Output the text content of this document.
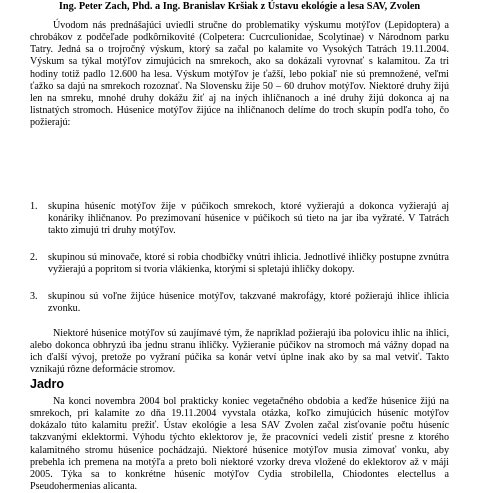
Ing. Peter Zach, Phd. a Ing. Branislav Kršiak z Ústavu ekológie a lesa SAV, Zvolen

Úvodom nás prednášajúci uviedli stručne do problematiky výskumu motýľov (Lepidoptera) a chrobákov z podčeľade podkôrnikovité (Colpetera: Cucrculionidae, Scolytinae) v Národnom parku Tatry. Jedná sa o trojročný výskum, ktorý sa začal po kalamite vo Vysokých Tatrách 19.11.2004. Výskum sa týkal motýľov zimujúcich na smrekoch, ako sa dokázali vyrovnať s kalamitou. Za tri hodiny totiž padlo 12.600 ha lesa. Výskum motýľov je ťažší, lebo pokiaľ nie sú premnožené, veľmi ťažko sa dajú na smrekoch rozoznať. Na Slovensku žije 50 – 60 druhov motýľov. Niektoré druhy žijú len na smreku, mnohé druhy dokážu žiť aj na iných ihličnanoch a iné druhy žijú dokonca aj na listnatých stromoch. Húsenice motýľov žijúce na ihličnanoch delíme do troch skupín podľa toho, čo požierajú:

1.	skupina húseníc motýľov žije v púčikoch smrekoch, ktoré vyžierajú a dokonca vyžierajú aj konáriky ihličnanov. Po prezimovaní húsenice v púčikoch sú tieto na jar iba vyžraté. V Tatrách takto zimujú tri druhy motýľov.
2.	skupinou sú minovače, ktoré si robia chodbičky vnútri ihlicia. Jednotlivé ihličky postupne zvnútra vyžierajú a popritom si tvoria vlákienka, ktorými si spletajú ihličky dokopy.
3.	skupinou sú voľne žijúce húsenice motýľov, takzvané makrofágy, ktoré požierajú ihlice ihlicia zvonku.

Niektoré húsenice motýľov sú zaujímavé tým, že napríklad požierajú iba polovicu ihlic na ihlici, alebo dokonca obhryzú iba jednu stranu ihličky. Vyžieranie púčikov na stromoch má vážny dopad na ich ďalší vývoj, pretože po vyžraní púčika sa konár vetví úplne inak ako by sa mal vetviť. Takto vznikajú rôzne deformácie stromov.

Jadro

Na konci novembra 2004 bol prakticky koniec vegetačného obdobia a keďže húsenice žijú na smrekoch, pri kalamite zo dňa 19.11.2004 vyvstala otázka, koľko zimujúcich húseníc motýľov dokázalo túto kalamitu prežiť. Ústav ekológie a lesa SAV Zvolen začal zisťovanie počtu húseníc takzvanými eklektormi. Výhodu týchto eklektorov je, že pracovníci vedeli zistiť presne z ktorého kalamitného stromu húsenice pochádzajú. Niektoré húsenice motýľov musia zimovať vonku, aby prebehla ich premena na motýľa a preto boli niektoré vzorky dreva vložené do eklektorov až v máji 2005. Týka sa to konkrétne húseníc motýľov Cydia strobilella, Chiodontes electellus a Pseudohermenias alicanta.
